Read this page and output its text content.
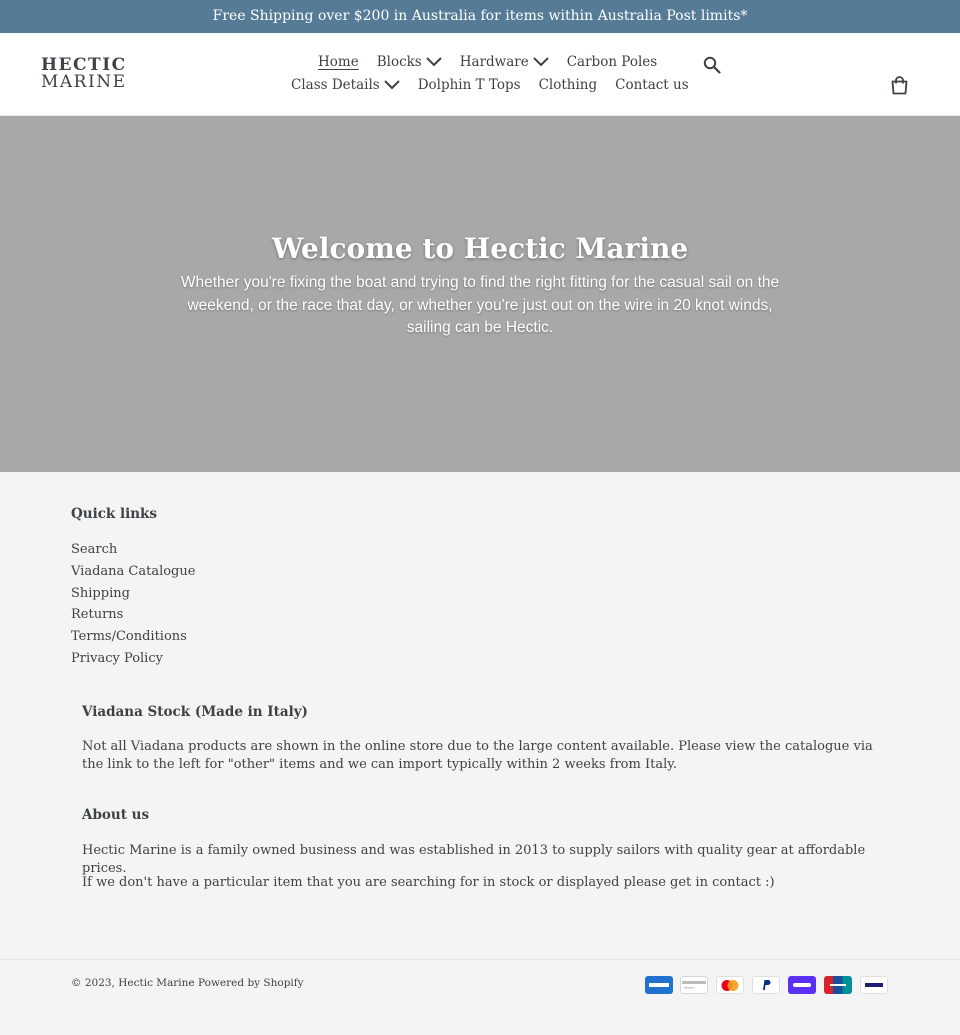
Free Shipping over $200 in Australia for items within Australia Post limits*
HECTIC
MARINE
Home Blocks	Hardware	Carbon Poles
Class Details	Dolphin T Tops Clothing Contact us
Welcome to Hectic Marine

Whether you're fixing the boat and trying to find the right fitting for the casual sail on the weekend, or the race that day, or whether you're just out on the wire in 20 knot winds, sailing can be Hectic.

Quick links
Search
Viadana Catalogue
Shipping
Returns
Terms/Conditions
Privacy Policy
Viadana Stock (Made in Italy)

Not all Viadana products are shown in the online store due to the large content available. Please view the catalogue via the link to the left for "other" items and we can import typically within 2 weeks from Italy.

About us

Hectic Marine is a family owned business and was established in 2013 to supply sailors with quality gear at affordable prices.

If we don't have a particular item that you are searching for in stock or displayed please get in contact :)

© 2023, Hectic Marine Powered by Shopify
